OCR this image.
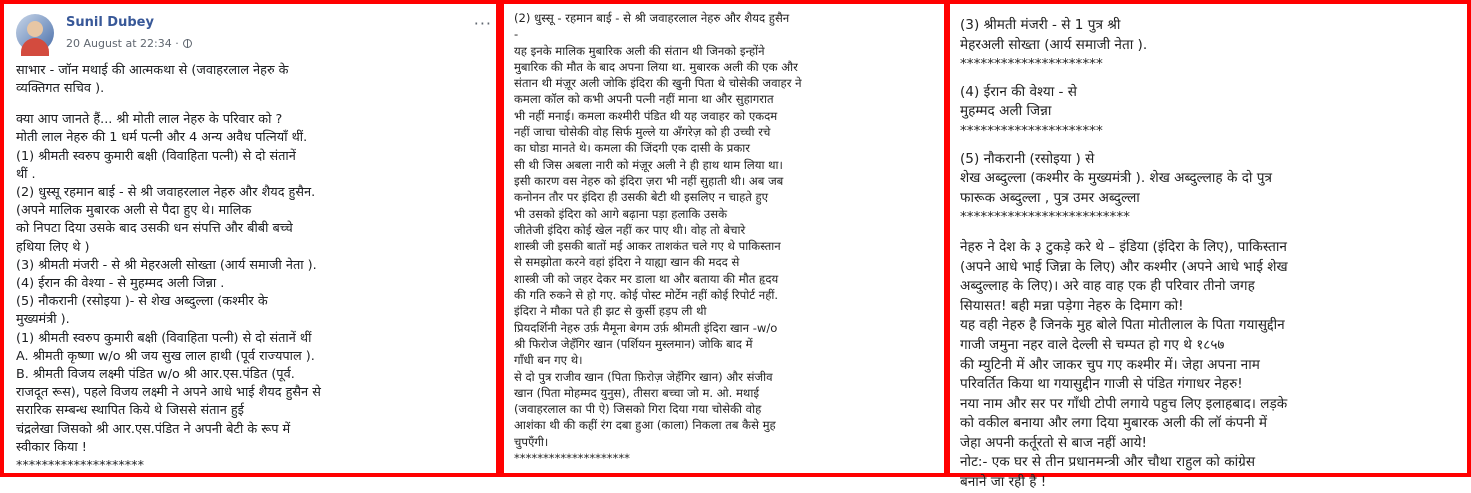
Sunil Dubey
20 August at 22:34 ·
···
साभार - जॉन मथाई की आत्मकथा से (जवाहरलाल नेहरु के
व्यक्तिगत सचिव ).
क्या आप जानते हैं... श्री मोती लाल नेहरु के परिवार को ?
मोती लाल नेहरु की 1 धर्म पत्नी और 4 अन्य अवैध पत्नियाँ थीं.
(1) श्रीमती स्वरुप कुमारी बक्षी (विवाहिता पत्नी) से दो संतानें
थीं .
(2) धुस्सू रहमान बाई - से श्री जवाहरलाल नेहरु और शैयद हुसैन.
(अपने मालिक मुबारक अली से पैदा हुए थे। मालिक
को निपटा दिया उसके बाद उसकी धन संपत्ति और बीबी बच्चे
हथिया लिए थे )
(3) श्रीमती मंजरी - से श्री मेहरअली सोख्ता (आर्य समाजी नेता ).
(4) ईरान की वेश्या - से मुहम्मद अली जिन्ना .
(5) नौकरानी (रसोइया )- से शेख अब्दुल्ला (कश्मीर के
मुख्यमंत्री ).
(1) श्रीमती स्वरुप कुमारी बक्षी (विवाहिता पत्नी) से दो संतानें थीं
A. श्रीमती कृष्णा w/o श्री जय सुख लाल हाथी (पूर्व राज्यपाल ).
B. श्रीमती विजय लक्ष्मी पंडित w/o श्री आर.एस.पंडित (पूर्व.
राजदूत रूस), पहले विजय लक्ष्मी ने अपने आधे भाई शैयद हुसैन से
सरारिक सम्बन्ध स्थापित किये थे जिससे संतान हुई
चंद्रलेखा जिसको श्री आर.एस.पंडित ने अपनी बेटी के रूप में
स्वीकार किया !
********************
(2) धुस्सू - रहमान बाई - से श्री जवाहरलाल नेहरु और शैयद हुसैन
-
यह इनके मालिक मुबारिक अली की संतान थी जिनको इन्होंने
मुबारिक की मौत के बाद अपना लिया था. मुबारक अली की एक और
संतान थी मंज़ूर अली जोकि इंदिरा की खुनी पिता थे चोसेकी जवाहर ने
कमला कॉल को कभी अपनी पत्नी नहीं माना था और सुहागरात
भी नहीं मनाई। कमला कश्मीरी पंडित थी यह जवाहर को एकदम
नहीं जाचा चोसेकी वोह सिर्फ मुल्ले या अँगरेज़ को ही उच्ची रचे
का घोडा मानते थे। कमला की जिंदगी एक दासी के प्रकार
सी थी जिस अबला नारी को मंज़ूर अली ने ही हाथ थाम लिया था।
इसी कारण वस नेहरु को इंदिरा ज़रा भी नहीं सुहाती थी। अब जब
कनोनन तौर पर इंदिरा ही उसकी बेटी थी इसलिए न चाहते हुए
भी उसको इंदिरा को आगे बढ़ाना पड़ा हलाकि उसके
जीतेजी इंदिरा कोई खेल नहीं कर पाए थी। वोह तो बेचारे
शास्त्री जी इसकी बातों मई आकर ताशकंत चले गए थे पाकिस्तान
से समझोता करने वहां इंदिरा ने याह्या खान की मदद से
शास्त्री जी को जहर देकर मर डाला था और बताया की मौत हृदय
की गति रुकने से हो गए. कोई पोस्ट मोर्टेम नहीं कोई रिपोर्ट नहीं.
इंदिरा ने मौका पते ही झट से कुर्सी हड़प ली थी
प्रियदर्शिनी नेहरु उर्फ़ मैमूना बेगम उर्फ़ श्रीमती इंदिरा खान -w/o
श्री फिरोज जेहँगिर खान (पर्शियन मुस्लमान) जोकि बाद में
गाँधी बन गए थे।
से दो पुत्र राजीव खान (पिता फ़िरोज़ जेहँगिर खान) और संजीव
खान (पिता मोहम्मद युनुस), तीसरा बच्चा जो म. ओ. मथाई
(जवाहरलाल का पी ऐ) जिसको गिरा दिया गया चोसेकी वोह
आशंका थी की कहीं रंग दबा हुआ (काला) निकला तब कैसे मुह
चुपएँगी।
********************
(3) श्रीमती मंजरी - से 1 पुत्र श्री
मेहरअली सोख्ता (आर्य समाजी नेता ).
*********************
(4) ईरान की वेश्या - से
मुहम्मद अली जिन्ना
*********************
(5) नौकरानी (रसोइया ) से
शेख अब्दुल्ला (कश्मीर के मुख्यमंत्री ). शेख अब्दुल्लाह के दो पुत्र
फारूक अब्दुल्ला , पुत्र उमर अब्दुल्ला
*************************
नेहरु ने देश के ३ टुकड़े करे थे – इंडिया (इंदिरा के लिए), पाकिस्तान
(अपने आधे भाई जिन्ना के लिए) और कश्मीर (अपने आधे भाई शेख
अब्दुल्लाह के लिए)। अरे वाह वाह एक ही परिवार तीनो जगह
सियासत! बही मन्ना पड़ेगा नेहरु के दिमाग को!
यह वही नेहरु है जिनके मुह बोले पिता मोतीलाल के पिता गयासुद्दीन
गाजी जमुना नहर वाले देल्ली से चम्पत हो गए थे १८५७
की म्युटिनी में और जाकर चुप गए कश्मीर में। जेहा अपना नाम
परिवर्तित किया था गयासुद्दीन गाजी से पंडित गंगाधर नेहरु!
नया नाम और सर पर गाँधी टोपी लगाये पहुच लिए इलाहबाद। लड़के
को वकील बनाया और लगा दिया मुबारक अली की लॉ कंपनी में
जेहा अपनी कर्तूरतो से बाज नहीं आये!
नोट:- एक घर से तीन प्रधानमन्त्री और चौथा राहुल को कांग्रेस
बनाने जा रही है !
